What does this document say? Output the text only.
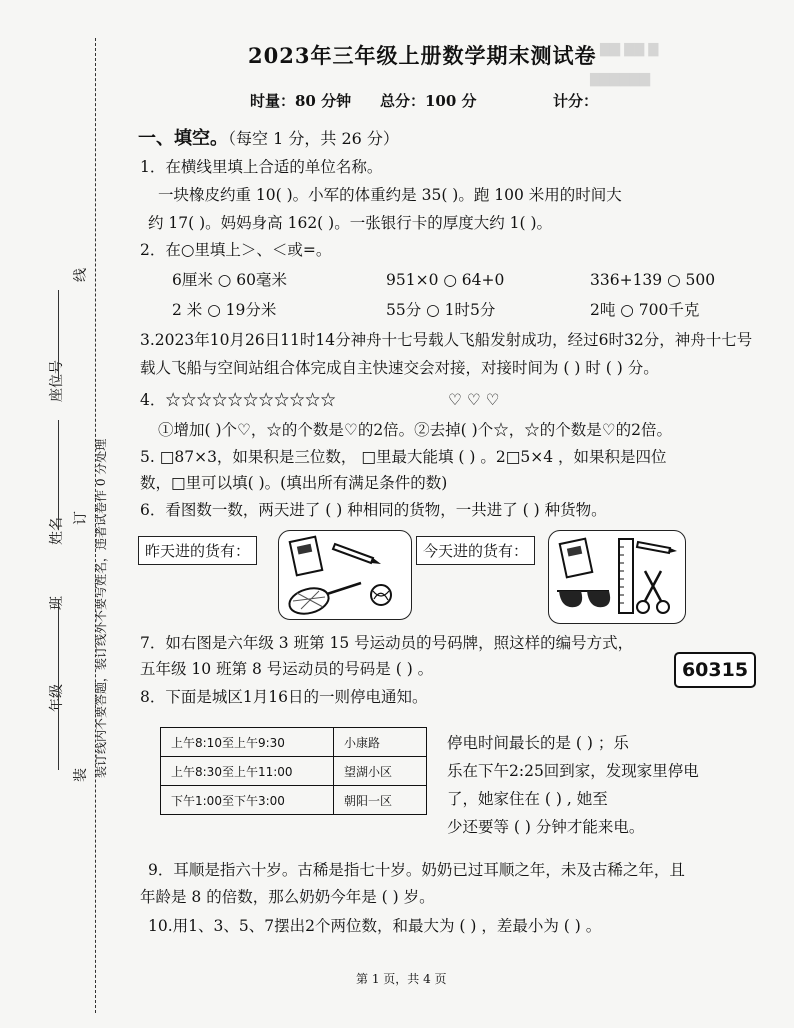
▇▇ ▇▇ ▇
▇▇▇▇▇▇
装
订
线
年级
班
姓名
座位号
装订线内不要答题，装订线外不要写姓名，违者试卷作 0 分处理
2023年三年级上册数学期末测试卷
时量：80 分钟 总分：100 分	计分：
一、填空。（每空 1 分，共 26 分）
1．在横线里填上合适的单位名称。
一块橡皮约重 10( )。小军的体重约是 35( )。跑 100 米用的时间大
约 17( )。妈妈身高 162( )。一张银行卡的厚度大约 1( )。
2．在○里填上＞、＜或=。
6厘米 ○ 60毫米	951×0 ○ 64+0	336+139 ○ 500
2 米 ○ 19分米	55分 ○ 1时5分	2吨 ○ 700千克
3.2023年10月26日11时14分神舟十七号载人飞船发射成功，经过6时32分，神舟十七号
载人飞船与空间站组合体完成自主快速交会对接，对接时间为 ( ) 时 ( ) 分。
4．☆☆☆☆☆☆☆☆☆☆☆	♡ ♡ ♡
①增加( )个♡，☆的个数是♡的2倍。②去掉( )个☆，☆的个数是♡的2倍。
5. □87×3，如果积是三位数， □里最大能填 ( ) 。2□5×4 ，如果积是四位
数，□里可以填( )。(填出所有满足条件的数)
6．看图数一数，两天进了 ( ) 种相同的货物，一共进了 ( ) 种货物。
昨天进的货有：	今天进的货有：
7．如右图是六年级 3 班第 15 号运动员的号码牌，照这样的编号方式，
五年级 10 班第 8 号运动员的号码是 ( ) 。	60315
8．下面是城区1月16日的一则停电通知。
上午8:10至上午9:30	小康路
上午8:30至上午11:00	望湖小区
下午1:00至下午3:00	朝阳一区
停电时间最长的是 ( ) ；乐
乐在下午2:25回到家，发现家里停电
了，她家住在 ( ) , 她至
少还要等 ( ) 分钟才能来电。
9．耳顺是指六十岁。古稀是指七十岁。奶奶已过耳顺之年，未及古稀之年，且
年龄是 8 的倍数，那么奶奶今年是 ( ) 岁。
10.用1、3、5、7摆出2个两位数，和最大为 ( ) ，差最小为 ( ) 。
第 1 页，共 4 页
